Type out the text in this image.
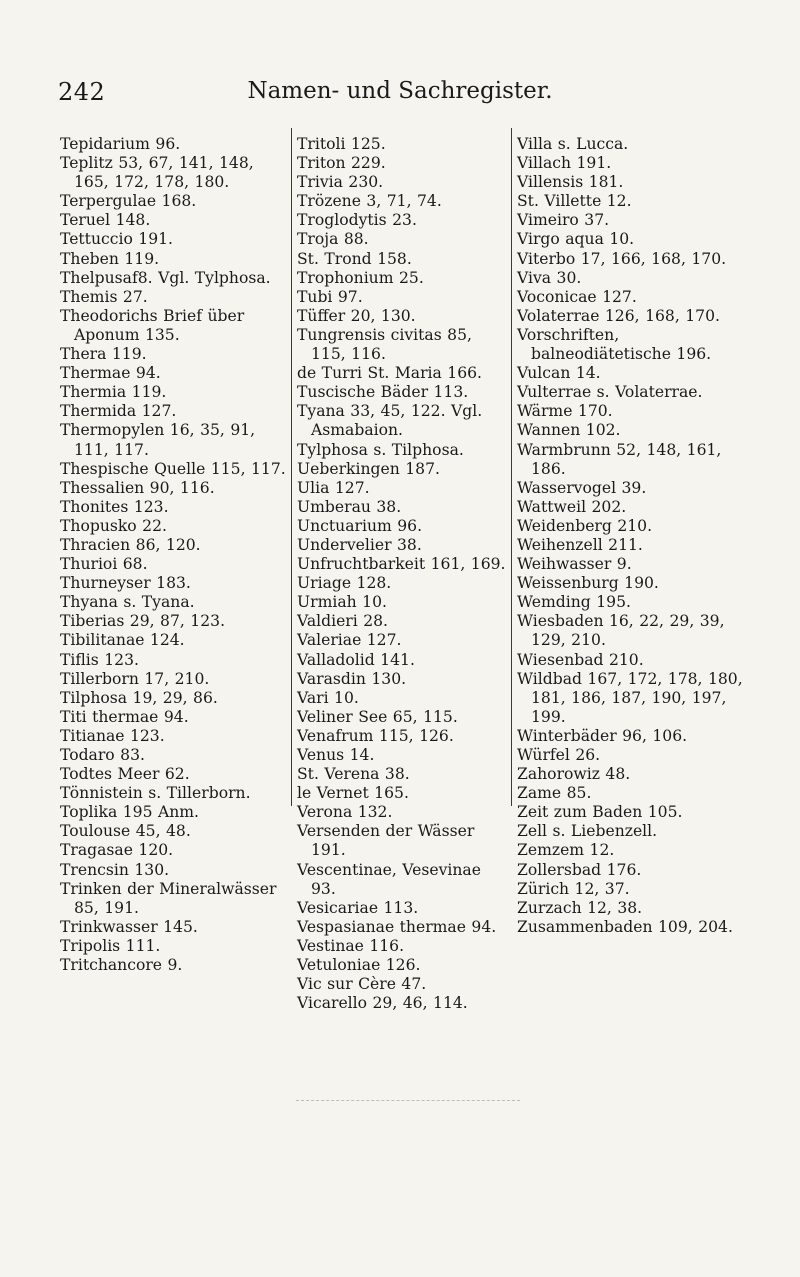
242	Namen- und Sachregister.
Tepidarium 96.
Teplitz 53, 67, 141, 148, 165, 172, 178, 180.
Terpergulae 168.
Teruel 148.
Tettuccio 191.
Theben 119.
Thelpusaf8. Vgl. Tylphosa.
Themis 27.
Theodorichs Brief über Aponum 135.
Thera 119.
Thermae 94.
Thermia 119.
Thermida 127.
Thermopylen 16, 35, 91, 111, 117.
Thespische Quelle 115, 117.
Thessalien 90, 116.
Thonites 123.
Thopusko 22.
Thracien 86, 120.
Thurioi 68.
Thurneyser 183.
Thyana s. Tyana.
Tiberias 29, 87, 123.
Tibilitanae 124.
Tiflis 123.
Tillerborn 17, 210.
Tilphosa 19, 29, 86.
Titi thermae 94.
Titianae 123.
Todaro 83.
Todtes Meer 62.
Tönnistein s. Tillerborn.
Toplika 195 Anm.
Toulouse 45, 48.
Tragasae 120.
Trencsin 130.
Trinken der Mineralwässer 85, 191.
Trinkwasser 145.
Tripolis 111.
Tritchancore 9.
Tritoli 125.
Triton 229.
Trivia 230.
Trözene 3, 71, 74.
Troglodytis 23.
Troja 88.
St. Trond 158.
Trophonium 25.
Tubi 97.
Tüffer 20, 130.
Tungrensis civitas 85, 115, 116.
de Turri St. Maria 166.
Tuscische Bäder 113.
Tyana 33, 45, 122. Vgl. Asmabaion.
Tylphosa s. Tilphosa.
Ueberkingen 187.
Ulia 127.
Umberau 38.
Unctuarium 96.
Undervelier 38.
Unfruchtbarkeit 161, 169.
Uriage 128.
Urmiah 10.
Valdieri 28.
Valeriae 127.
Valladolid 141.
Varasdin 130.
Vari 10.
Veliner See 65, 115.
Venafrum 115, 126.
Venus 14.
St. Verena 38.
le Vernet 165.
Verona 132.
Versenden der Wässer 191.
Vescentinae, Vesevinae 93.
Vesicariae 113.
Vespasianae thermae 94.
Vestinae 116.
Vetuloniae 126.
Vic sur Cère 47.
Vicarello 29, 46, 114.
Villa s. Lucca.
Villach 191.
Villensis 181.
St. Villette 12.
Vimeiro 37.
Virgo aqua 10.
Viterbo 17, 166, 168, 170.
Viva 30.
Voconicae 127.
Volaterrae 126, 168, 170.
Vorschriften, balneodiätetische 196.
Vulcan 14.
Vulterrae s. Volaterrae.
Wärme 170.
Wannen 102.
Warmbrunn 52, 148, 161, 186.
Wasservogel 39.
Wattweil 202.
Weidenberg 210.
Weihenzell 211.
Weihwasser 9.
Weissenburg 190.
Wemding 195.
Wiesbaden 16, 22, 29, 39, 129, 210.
Wiesenbad 210.
Wildbad 167, 172, 178, 180, 181, 186, 187, 190, 197, 199.
Winterbäder 96, 106.
Würfel 26.
Zahorowiz 48.
Zame 85.
Zeit zum Baden 105.
Zell s. Liebenzell.
Zemzem 12.
Zollersbad 176.
Zürich 12, 37.
Zurzach 12, 38.
Zusammenbaden 109, 204.
